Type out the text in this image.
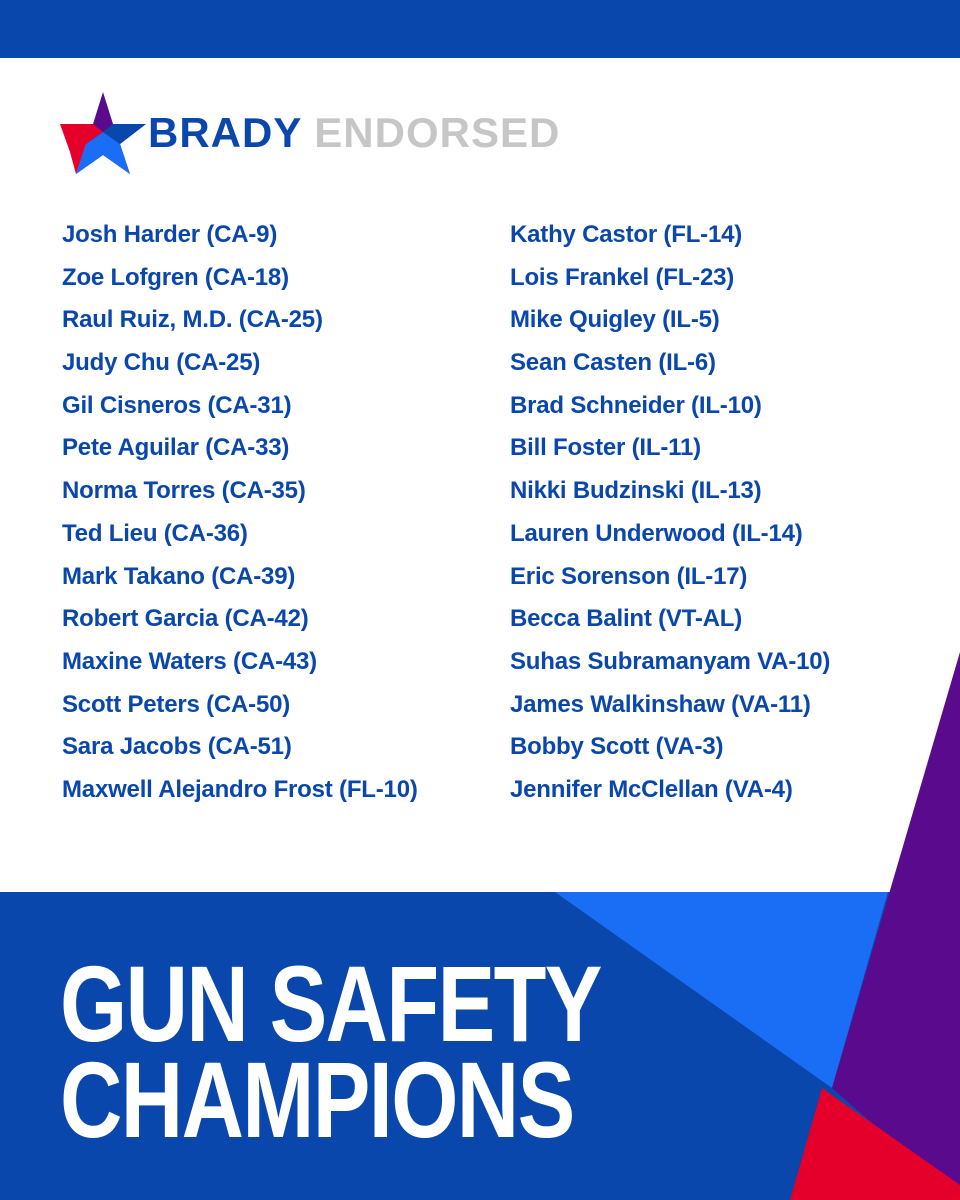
BRADY ENDORSED
Josh Harder (CA-9)
Zoe Lofgren (CA-18)
Raul Ruiz, M.D. (CA-25)
Judy Chu (CA-25)
Gil Cisneros (CA-31)
Pete Aguilar (CA-33)
Norma Torres (CA-35)
Ted Lieu (CA-36)
Mark Takano (CA-39)
Robert Garcia (CA-42)
Maxine Waters (CA-43)
Scott Peters (CA-50)
Sara Jacobs (CA-51)
Maxwell Alejandro Frost (FL-10)
Kathy Castor (FL-14)
Lois Frankel (FL-23)
Mike Quigley (IL-5)
Sean Casten (IL-6)
Brad Schneider (IL-10)
Bill Foster (IL-11)
Nikki Budzinski (IL-13)
Lauren Underwood (IL-14)
Eric Sorenson (IL-17)
Becca Balint (VT-AL)
Suhas Subramanyam VA-10)
James Walkinshaw (VA-11)
Bobby Scott (VA-3)
Jennifer McClellan (VA-4)
GUN SAFETY
CHAMPIONS
